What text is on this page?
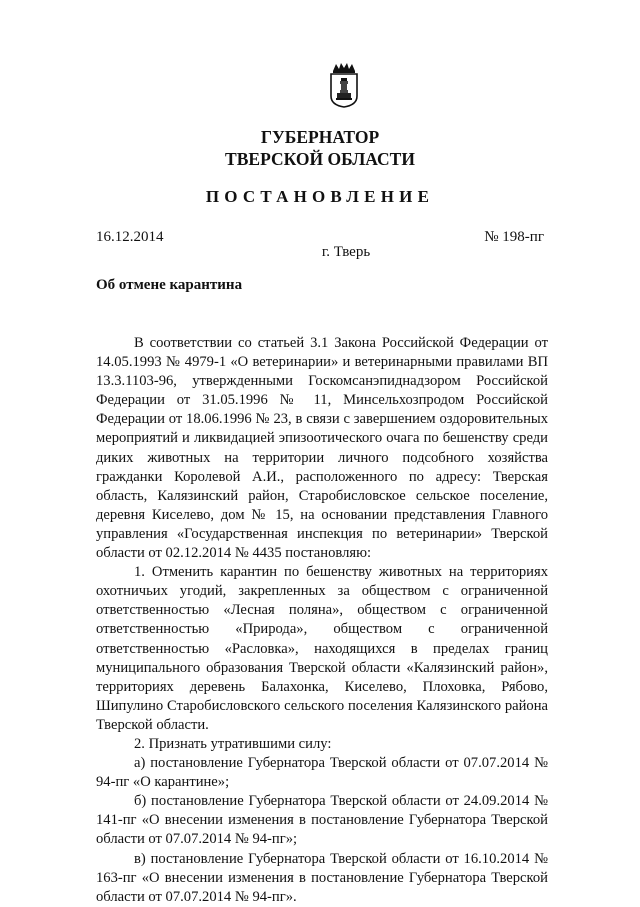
ГУБЕРНАТОР
ТВЕРСКОЙ ОБЛАСТИ
ПОСТАНОВЛЕНИЕ
16.12.2014	№ 198-пг
г. Тверь
Об отмене карантина

В соответствии со статьей 3.1 Закона Российской Федерации от 14.05.1993 № 4979-1 «О ветеринарии» и ветеринарными правилами ВП 13.3.1103-96, утвержденными Госкомсанэпиднадзором Российской Федерации от 31.05.1996 № 11, Минсельхозпродом Российской Федерации от 18.06.1996 № 23, в связи с завершением оздоровительных мероприятий и ликвидацией эпизоотического очага по бешенству среди диких животных на территории личного подсобного хозяйства гражданки Королевой А.И., расположенного по адресу: Тверская область, Калязинский район, Старобисловское сельское поселение, деревня Киселево, дом № 15, на основании представления Главного управления «Государственная инспекция по ветеринарии» Тверской области от 02.12.2014 № 4435 постановляю:

1. Отменить карантин по бешенству животных на территориях охотничьих угодий, закрепленных за обществом с ограниченной ответственностью «Лесная поляна», обществом с ограниченной ответственностью «Природа», обществом с ограниченной ответственностью «Расловка», находящихся в пределах границ муниципального образования Тверской области «Калязинский район», территориях деревень Балахонка, Киселево, Плоховка, Рябово, Шипулино Старобисловского сельского поселения Калязинского района Тверской области.

2. Признать утратившими силу:

а) постановление Губернатора Тверской области от 07.07.2014 № 94-пг «О карантине»;

б) постановление Губернатора Тверской области от 24.09.2014 № 141-пг «О внесении изменения в постановление Губернатора Тверской области от 07.07.2014 № 94-пг»;

в) постановление Губернатора Тверской области от 16.10.2014 № 163-пг «О внесении изменения в постановление Губернатора Тверской области от 07.07.2014 № 94-пг».
